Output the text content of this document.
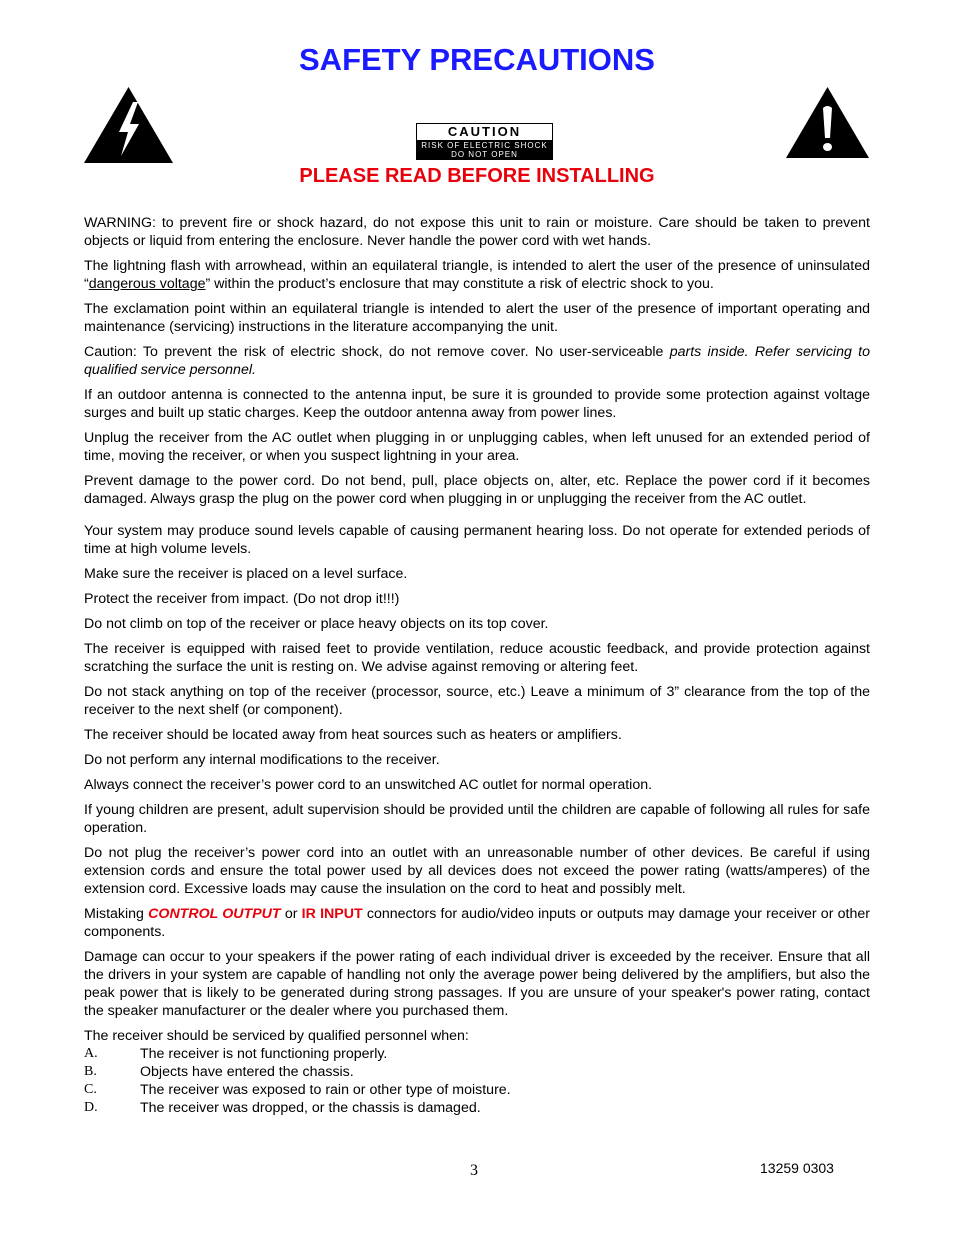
SAFETY PRECAUTIONS
CAUTION
RISK OF ELECTRIC SHOCK
DO NOT OPEN
PLEASE READ BEFORE INSTALLING

WARNING: to prevent fire or shock hazard, do not expose this unit to rain or moisture. Care should be taken to prevent objects or liquid from entering the enclosure. Never handle the power cord with wet hands.

The lightning flash with arrowhead, within an equilateral triangle, is intended to alert the user of the presence of uninsulated “dangerous voltage” within the product’s enclosure that may constitute a risk of electric shock to you.

The exclamation point within an equilateral triangle is intended to alert the user of the presence of important operating and maintenance (servicing) instructions in the literature accompanying the unit.

Caution: To prevent the risk of electric shock, do not remove cover. No user-serviceable parts inside. Refer servicing to qualified service personnel.

If an outdoor antenna is connected to the antenna input, be sure it is grounded to provide some protection against voltage surges and built up static charges. Keep the outdoor antenna away from power lines.

Unplug the receiver from the AC outlet when plugging in or unplugging cables, when left unused for an extended period of time, moving the receiver, or when you suspect lightning in your area.

Prevent damage to the power cord. Do not bend, pull, place objects on, alter, etc. Replace the power cord if it becomes damaged. Always grasp the plug on the power cord when plugging in or unplugging the receiver from the AC outlet.

Your system may produce sound levels capable of causing permanent hearing loss. Do not operate for extended periods of time at high volume levels.

Make sure the receiver is placed on a level surface.

Protect the receiver from impact. (Do not drop it!!!)

Do not climb on top of the receiver or place heavy objects on its top cover.

The receiver is equipped with raised feet to provide ventilation, reduce acoustic feedback, and provide protection against scratching the surface the unit is resting on. We advise against removing or altering feet.

Do not stack anything on top of the receiver (processor, source, etc.) Leave a minimum of 3” clearance from the top of the receiver to the next shelf (or component).

The receiver should be located away from heat sources such as heaters or amplifiers.

Do not perform any internal modifications to the receiver.

Always connect the receiver’s power cord to an unswitched AC outlet for normal operation.

If young children are present, adult supervision should be provided until the children are capable of following all rules for safe operation.

Do not plug the receiver’s power cord into an outlet with an unreasonable number of other devices. Be careful if using extension cords and ensure the total power used by all devices does not exceed the power rating (watts/amperes) of the extension cord. Excessive loads may cause the insulation on the cord to heat and possibly melt.

Mistaking CONTROL OUTPUT or IR INPUT connectors for audio/video inputs or outputs may damage your receiver or other components.

Damage can occur to your speakers if the power rating of each individual driver is exceeded by the receiver. Ensure that all the drivers in your system are capable of handling not only the average power being delivered by the amplifiers, but also the peak power that is likely to be generated during strong passages. If you are unsure of your speaker's power rating, contact the speaker manufacturer or the dealer where you purchased them.

The receiver should be serviced by qualified personnel when:

A.	The receiver is not functioning properly.
B.	Objects have entered the chassis.
C.	The receiver was exposed to rain or other type of moisture.
D.	The receiver was dropped, or the chassis is damaged.
3	13259 0303
